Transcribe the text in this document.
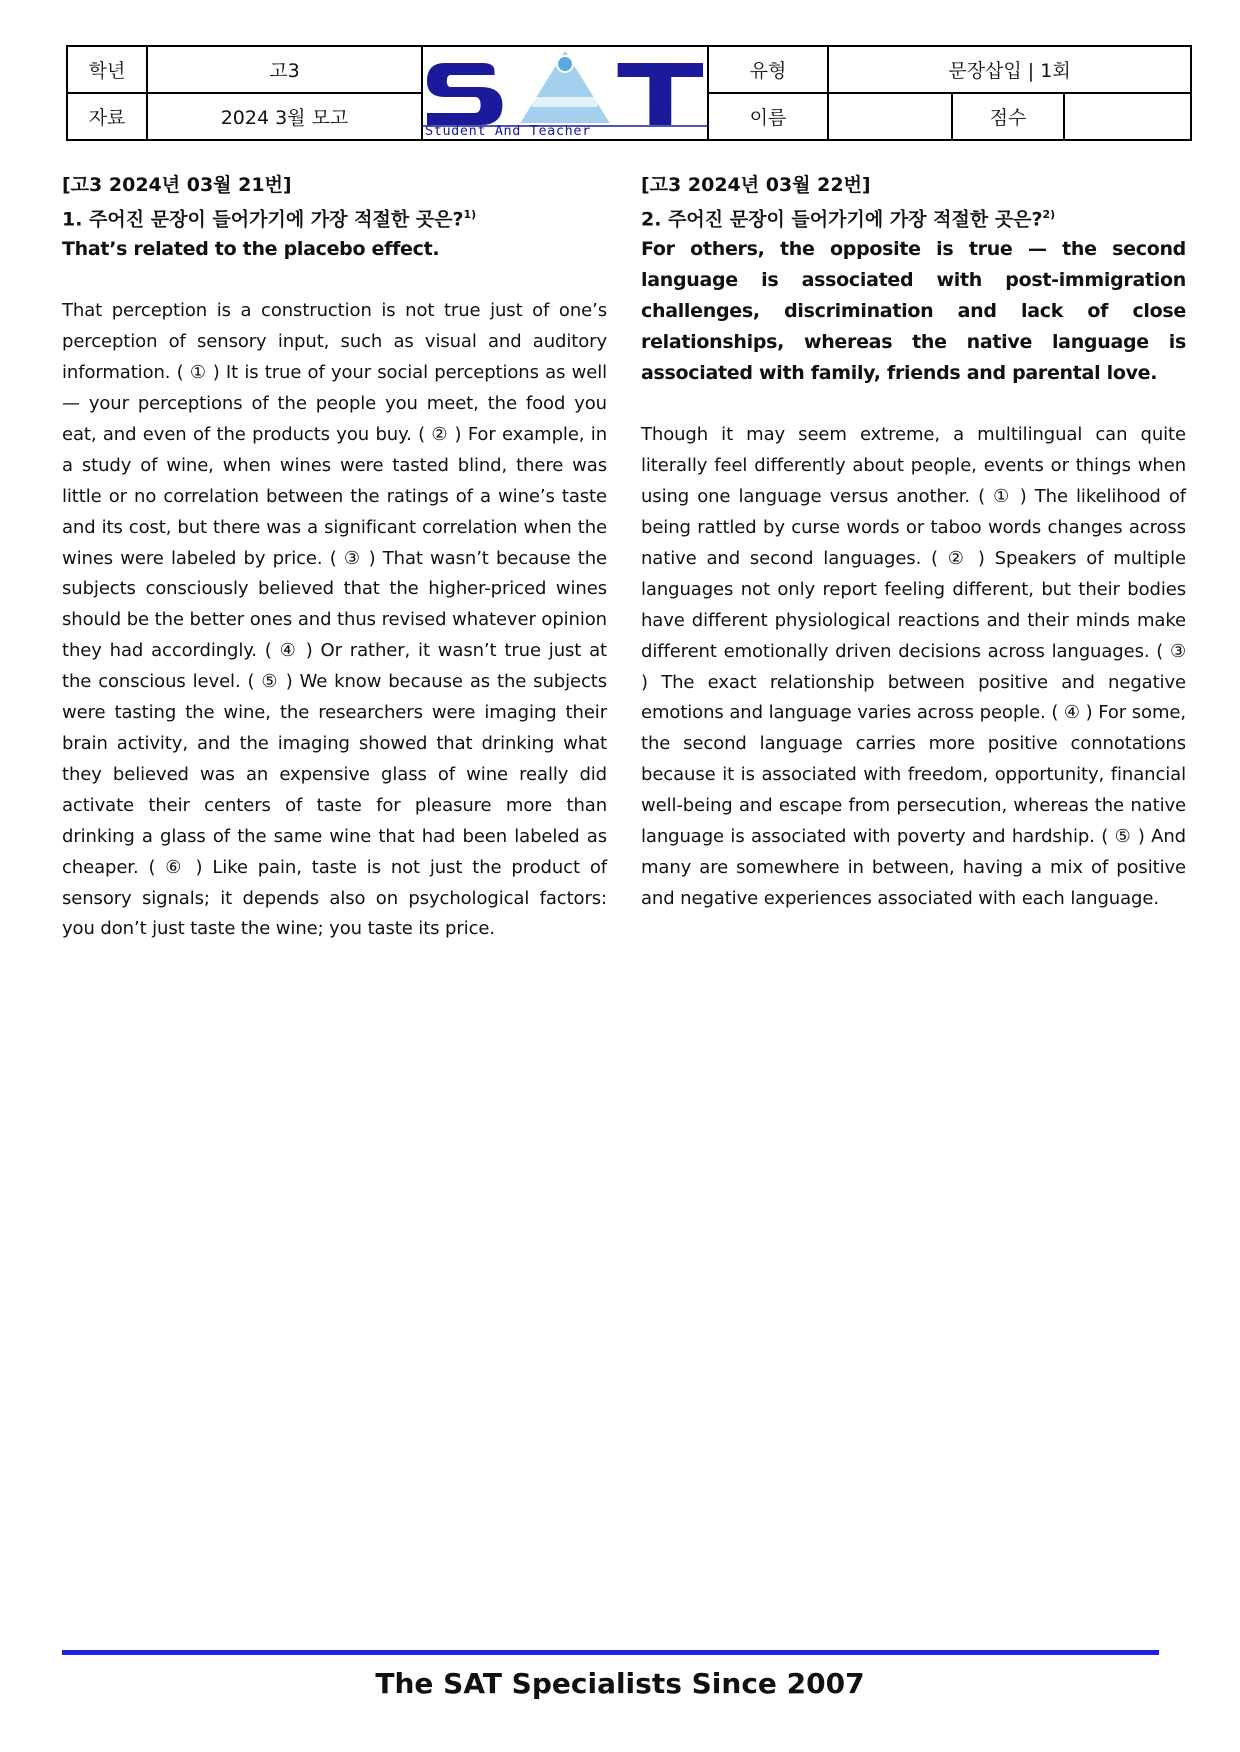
학년	고3	Student And Teacher	유형	문장삽입 | 1회		
자료	2024 3월 모고		이름		점수	
[고3 2024년 03월 21번]
1. 주어진 문장이 들어가기에 가장 적절한 곳은?$^{1)}$
That’s related to the placebo effect.
That perception is a construction is not true just of one’s perception of sensory input, such as visual and auditory information. ( ① ) It is true of your social perceptions as well — your perceptions of the people you meet, the food you eat, and even of the products you buy. ( ② ) For example, in a study of wine, when wines were tasted blind, there was little or no correlation between the ratings of a wine’s taste and its cost, but there was a significant correlation when the wines were labeled by price. ( ③ ) That wasn’t because the subjects consciously believed that the higher-priced wines should be the better ones and thus revised whatever opinion they had accordingly. ( ④ ) Or rather, it wasn’t true just at the conscious level. ( ⑤ ) We know because as the subjects were tasting the wine, the researchers were imaging their brain activity, and the imaging showed that drinking what they believed was an expensive glass of wine really did activate their centers of taste for pleasure more than drinking a glass of the same wine that had been labeled as cheaper. ( ⑥ ) Like pain, taste is not just the product of sensory signals; it depends also on psychological factors: you don’t just taste the wine; you taste its price.
[고3 2024년 03월 22번]
2. 주어진 문장이 들어가기에 가장 적절한 곳은?$^{2)}$
For others, the opposite is true — the second language is associated with post-immigration challenges, discrimination and lack of close relationships, whereas the native language is associated with family, friends and parental love.
Though it may seem extreme, a multilingual can quite literally feel differently about people, events or things when using one language versus another. ( ① ) The likelihood of being rattled by curse words or taboo words changes across native and second languages. ( ② ) Speakers of multiple languages not only report feeling different, but their bodies have different physiological reactions and their minds make different emotionally driven decisions across languages. ( ③ ) The exact relationship between positive and negative emotions and language varies across people. ( ④ ) For some, the second language carries more positive connotations because it is associated with freedom, opportunity, financial well-being and escape from persecution, whereas the native language is associated with poverty and hardship. ( ⑤ ) And many are somewhere in between, having a mix of positive and negative experiences associated with each language.
The SAT Specialists Since 2007
